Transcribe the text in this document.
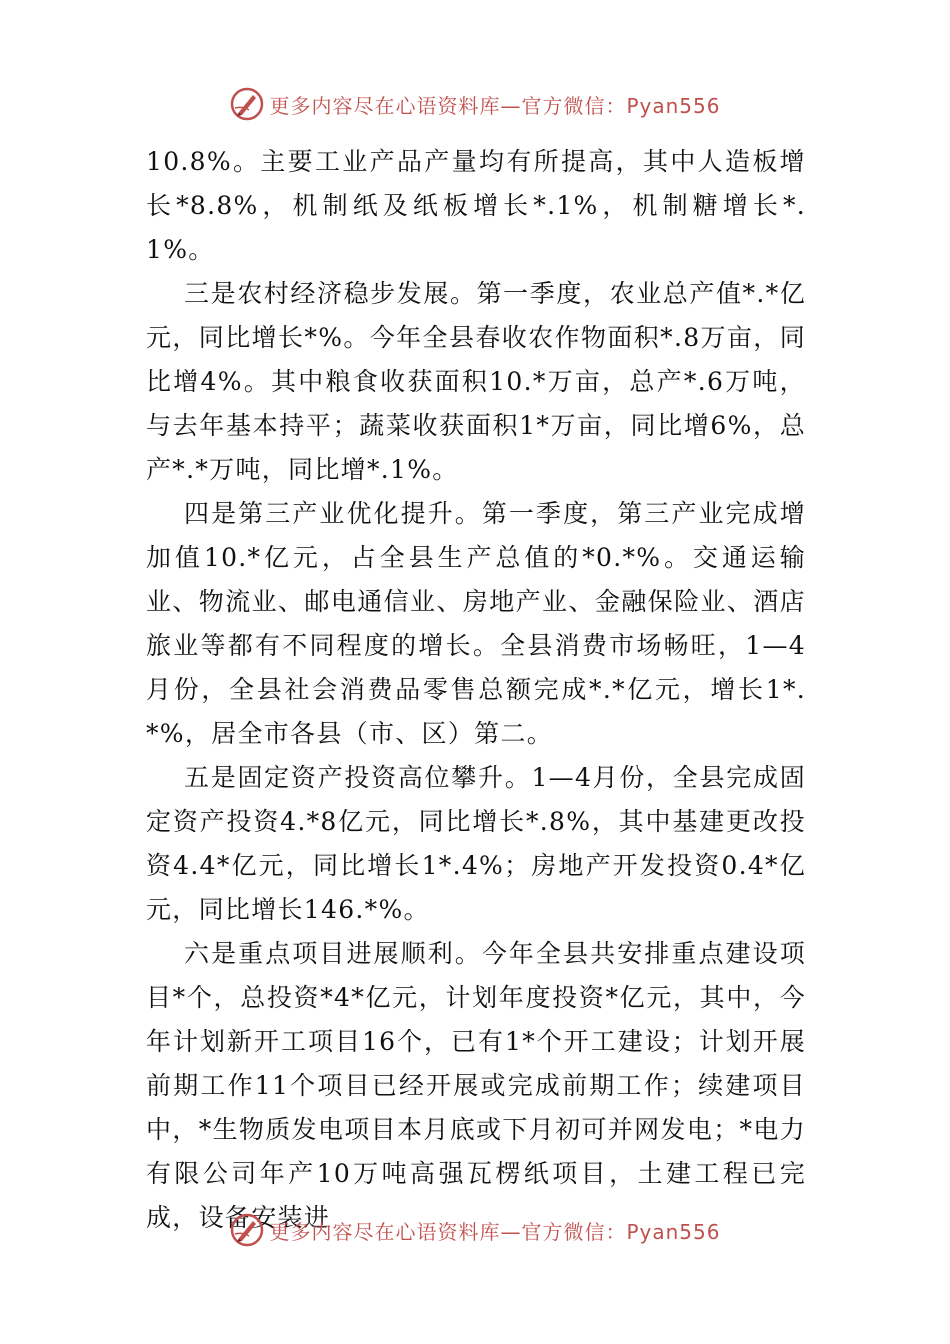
更多内容尽在心语资料库—官方微信：Pyan556

10.8%。主要工业产品产量均有所提高，其中人造板增长*8.8%，机制纸及纸板增长*.1%，机制糖增长*.1%。

三是农村经济稳步发展。第一季度，农业总产值*.*亿元，同比增长*%。今年全县春收农作物面积*.8万亩，同比增4%。其中粮食收获面积10.*万亩，总产*.6万吨，与去年基本持平；蔬菜收获面积1*万亩，同比增6%，总产*.*万吨，同比增*.1%。

四是第三产业优化提升。第一季度，第三产业完成增加值10.*亿元，占全县生产总值的*0.*%。交通运输业、物流业、邮电通信业、房地产业、金融保险业、酒店旅业等都有不同程度的增长。全县消费市场畅旺，1—4月份，全县社会消费品零售总额完成*.*亿元，增长1*.*%，居全市各县（市、区）第二。

五是固定资产投资高位攀升。1—4月份，全县完成固定资产投资4.*8亿元，同比增长*.8%，其中基建更改投资4.4*亿元，同比增长1*.4%；房地产开发投资0.4*亿元，同比增长146.*%。

六是重点项目进展顺利。今年全县共安排重点建设项目*个，总投资*4*亿元，计划年度投资*亿元，其中，今年计划新开工项目16个，已有1*个开工建设；计划开展前期工作11个项目已经开展或完成前期工作；续建项目中，*生物质发电项目本月底或下月初可并网发电；*电力有限公司年产10万吨高强瓦楞纸项目，土建工程已完成，设备安装进

更多内容尽在心语资料库—官方微信：Pyan556
